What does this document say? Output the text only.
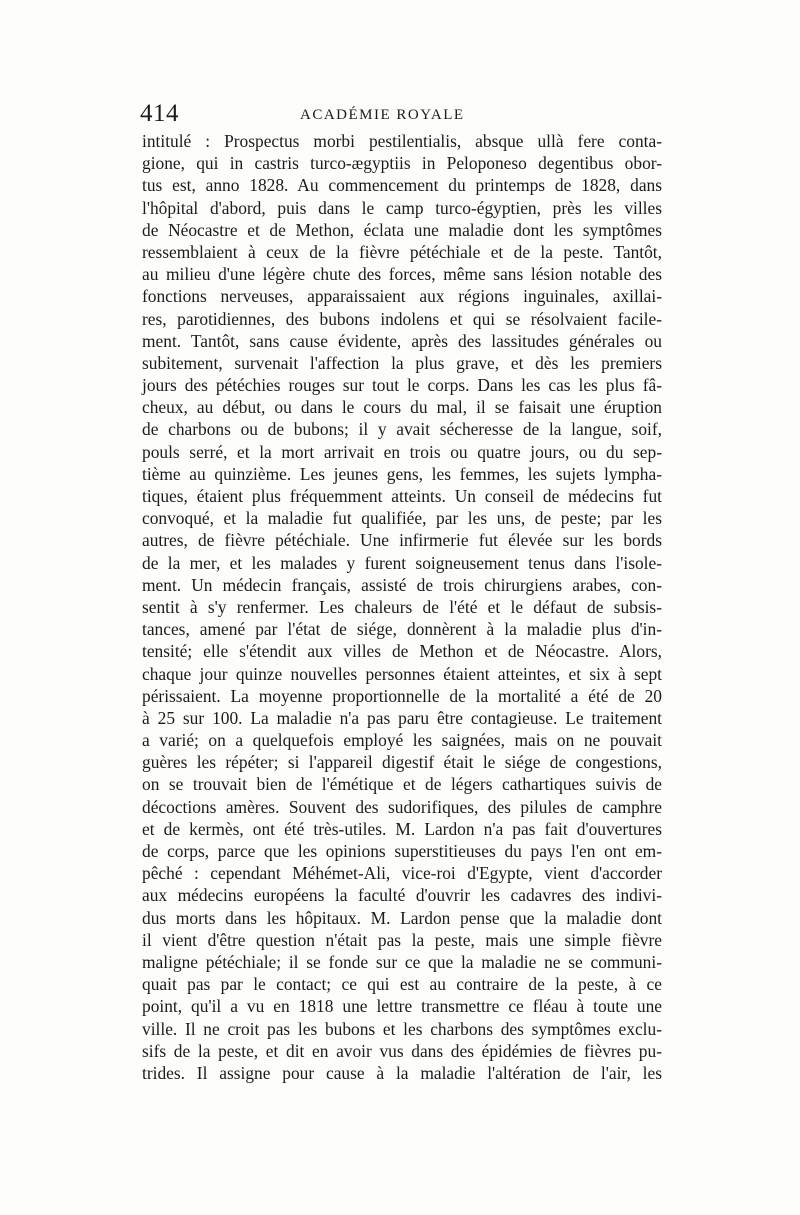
414	ACADÉMIE ROYALE
intitulé : Prospectus morbi pestilentialis, absque ullà fere conta-
gione, qui in castris turco-ægyptiis in Peloponeso degentibus obor-
tus est, anno 1828. Au commencement du printemps de 1828, dans
l'hôpital d'abord, puis dans le camp turco-égyptien, près les villes
de Néocastre et de Methon, éclata une maladie dont les symptômes
ressemblaient à ceux de la fièvre pétéchiale et de la peste. Tantôt,
au milieu d'une légère chute des forces, même sans lésion notable des
fonctions nerveuses, apparaissaient aux régions inguinales, axillai-
res, parotidiennes, des bubons indolens et qui se résolvaient facile-
ment. Tantôt, sans cause évidente, après des lassitudes générales ou
subitement, survenait l'affection la plus grave, et dès les premiers
jours des pétéchies rouges sur tout le corps. Dans les cas les plus fâ-
cheux, au début, ou dans le cours du mal, il se faisait une éruption
de charbons ou de bubons; il y avait sécheresse de la langue, soif,
pouls serré, et la mort arrivait en trois ou quatre jours, ou du sep-
tième au quinzième. Les jeunes gens, les femmes, les sujets lympha-
tiques, étaient plus fréquemment atteints. Un conseil de médecins fut
convoqué, et la maladie fut qualifiée, par les uns, de peste; par les
autres, de fièvre pétéchiale. Une infirmerie fut élevée sur les bords
de la mer, et les malades y furent soigneusement tenus dans l'isole-
ment. Un médecin français, assisté de trois chirurgiens arabes, con-
sentit à s'y renfermer. Les chaleurs de l'été et le défaut de subsis-
tances, amené par l'état de siége, donnèrent à la maladie plus d'in-
tensité; elle s'étendit aux villes de Methon et de Néocastre. Alors,
chaque jour quinze nouvelles personnes étaient atteintes, et six à sept
périssaient. La moyenne proportionnelle de la mortalité a été de 20
à 25 sur 100. La maladie n'a pas paru être contagieuse. Le traitement
a varié; on a quelquefois employé les saignées, mais on ne pouvait
guères les répéter; si l'appareil digestif était le siége de congestions,
on se trouvait bien de l'émétique et de légers cathartiques suivis de
décoctions amères. Souvent des sudorifiques, des pilules de camphre
et de kermès, ont été très-utiles. M. Lardon n'a pas fait d'ouvertures
de corps, parce que les opinions superstitieuses du pays l'en ont em-
pêché : cependant Méhémet-Ali, vice-roi d'Egypte, vient d'accorder
aux médecins européens la faculté d'ouvrir les cadavres des indivi-
dus morts dans les hôpitaux. M. Lardon pense que la maladie dont
il vient d'être question n'était pas la peste, mais une simple fièvre
maligne pétéchiale; il se fonde sur ce que la maladie ne se communi-
quait pas par le contact; ce qui est au contraire de la peste, à ce
point, qu'il a vu en 1818 une lettre transmettre ce fléau à toute une
ville. Il ne croit pas les bubons et les charbons des symptômes exclu-
sifs de la peste, et dit en avoir vus dans des épidémies de fièvres pu-
trides. Il assigne pour cause à la maladie l'altération de l'air, les
